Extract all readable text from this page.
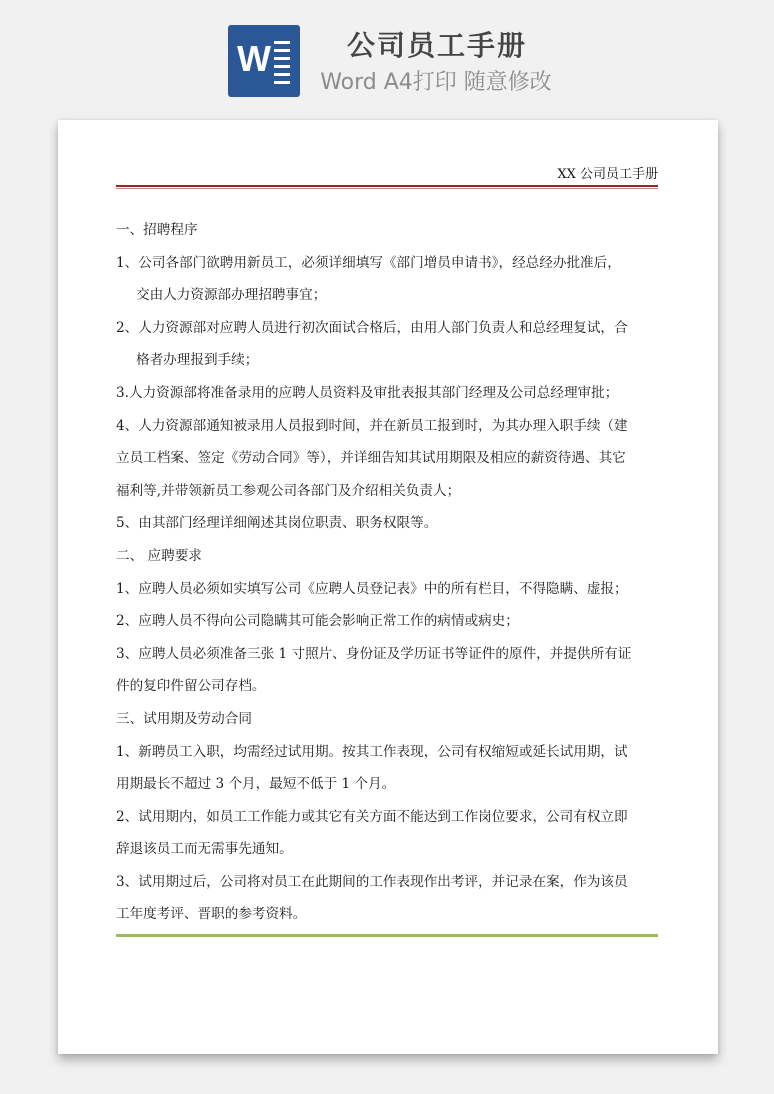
W	公司员工手册
Word A4打印 随意修改
XX 公司员工手册

一、招聘程序

1、公司各部门欲聘用新员工，必须详细填写《部门增员申请书》，经总经办批准后，

交由人力资源部办理招聘事宜；

2、人力资源部对应聘人员进行初次面试合格后，由用人部门负责人和总经理复试，合

格者办理报到手续；

3.人力资源部将准备录用的应聘人员资料及审批表报其部门经理及公司总经理审批；

4、人力资源部通知被录用人员报到时间，并在新员工报到时，为其办理入职手续（建

立员工档案、签定《劳动合同》等），并详细告知其试用期限及相应的薪资待遇、其它

福利等,并带领新员工参观公司各部门及介绍相关负责人；

5、由其部门经理详细阐述其岗位职责、职务权限等。

二、 应聘要求

1、应聘人员必须如实填写公司《应聘人员登记表》中的所有栏目，不得隐瞒、虚报；

2、应聘人员不得向公司隐瞒其可能会影响正常工作的病情或病史；

3、应聘人员必须准备三张 1 寸照片、身份证及学历证书等证件的原件，并提供所有证

件的复印件留公司存档。

三、试用期及劳动合同

1、新聘员工入职，均需经过试用期。按其工作表现，公司有权缩短或延长试用期，试

用期最长不超过 3 个月，最短不低于 1 个月。

2、试用期内，如员工工作能力或其它有关方面不能达到工作岗位要求，公司有权立即

辞退该员工而无需事先通知。

3、试用期过后，公司将对员工在此期间的工作表现作出考评，并记录在案，作为该员

工年度考评、晋职的参考资料。
